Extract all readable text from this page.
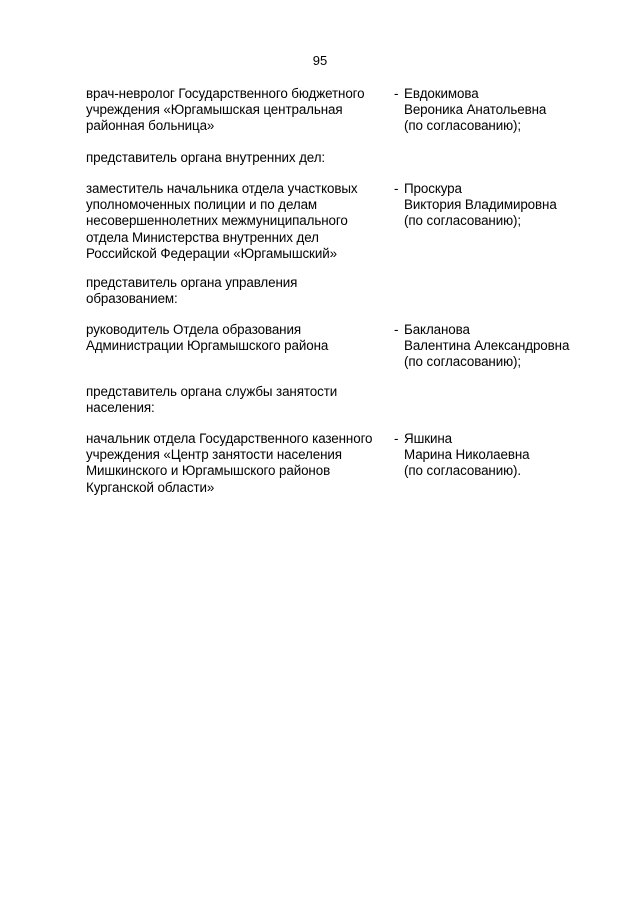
95
врач-невролог Государственного бюджетного
учреждения «Юргамышская центральная
районная больница»
- Евдокимова
Вероника Анатольевна
(по согласованию);
представитель органа внутренних дел:
заместитель начальника отдела участковых
уполномоченных полиции и по делам
несовершеннолетних межмуниципального
отдела Министерства внутренних дел
Российской Федерации «Юргамышский»
- Проскура
Виктория Владимировна
(по согласованию);
представитель органа управления
образованием:
руководитель Отдела образования
Администрации Юргамышского района
- Бакланова
Валентина Александровна
(по согласованию);
представитель органа службы занятости
населения:
начальник отдела Государственного казенного
учреждения «Центр занятости населения
Мишкинского и Юргамышского районов
Курганской области»
- Яшкина
Марина Николаевна
(по согласованию).
